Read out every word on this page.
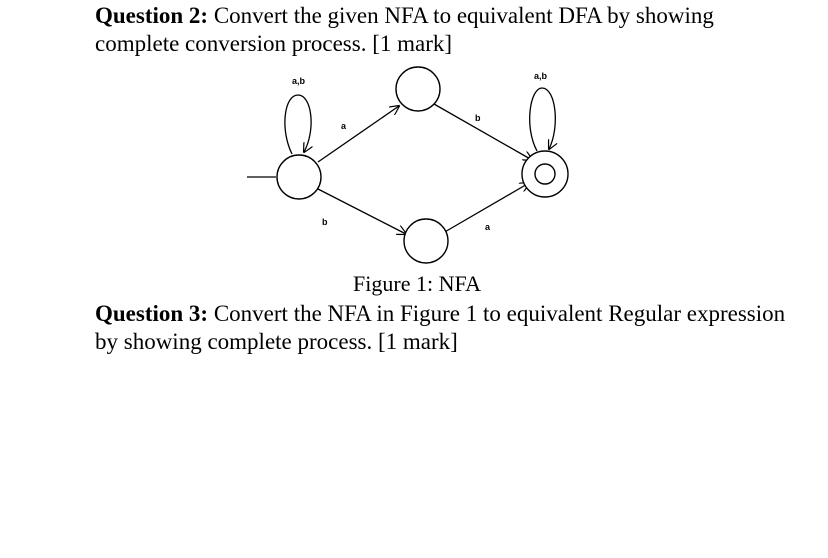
Question 2: Convert the given NFA to equivalent DFA by showing complete conversion process. [1 mark]

a,b	a,b
a
b
b	a
Figure 1: NFA

Question 3: Convert the NFA in Figure 1 to equivalent Regular expression by showing complete process. [1 mark]
